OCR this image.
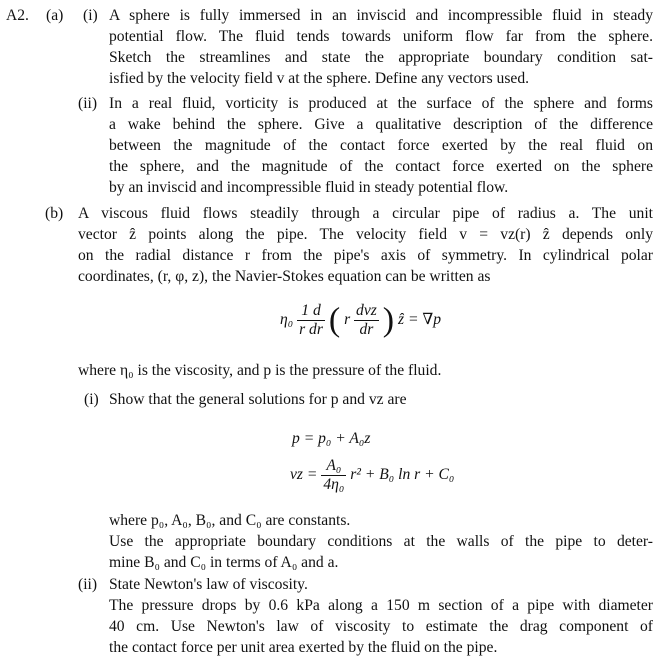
A2. (a) (i) A sphere is fully immersed in an inviscid and incompressible fluid in steady
potential flow. The fluid tends towards uniform flow far from the sphere.
Sketch the streamlines and state the appropriate boundary condition sat-
isfied by the velocity field v at the sphere. Define any vectors used.
(ii) In a real fluid, vorticity is produced at the surface of the sphere and forms
a wake behind the sphere. Give a qualitative description of the difference
between the magnitude of the contact force exerted by the real fluid on
the sphere, and the magnitude of the contact force exerted on the sphere
by an inviscid and incompressible fluid in steady potential flow.
(b) A viscous fluid flows steadily through a circular pipe of radius a. The unit
vector ẑ points along the pipe. The velocity field v = vz(r) ẑ depends only
on the radial distance r from the pipe's axis of symmetry. In cylindrical polar
coordinates, (r, φ, z), the Navier-Stokes equation can be written as
$\eta_0 \frac{1 d}{\text{r dr}}$ ( r $\frac{\text{dvz}}{dr}$ ) ẑ = ∇p
where η₀ is the viscosity, and p is the pressure of the fluid.
(i) Show that the general solutions for p and vz are
p = p₀ + A₀z
vz = $\frac{\text{A₀}}{\text{4η₀}} r^2 + B_0$ ln r + C₀
where p₀, A₀, B₀, and C₀ are constants.
Use the appropriate boundary conditions at the walls of the pipe to deter-
mine B₀ and C₀ in terms of A₀ and a.
(ii) State Newton's law of viscosity.
The pressure drops by 0.6 kPa along a 150 m section of a pipe with diameter
40 cm. Use Newton's law of viscosity to estimate the drag component of
the contact force per unit area exerted by the fluid on the pipe.
